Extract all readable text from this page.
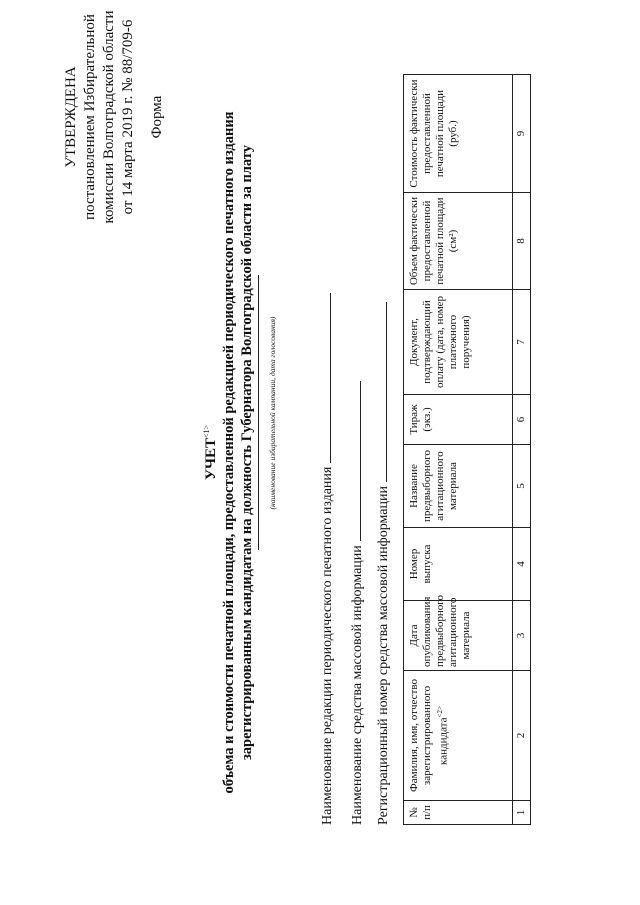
УТВЕРЖДЕНА постановлением Избирательной комиссии Волгоградской области от 14 марта 2019 г. № 88/709-6 Форма
$УЧЕТ^{<1>}$ объема и стоимости печатной площади, предоставленной редакцией периодического печатного издания зарегистрированным кандидатам на должность Губернатора Волгоградской области за плату (наименование избирательной кампании, дата голосования)
Наименование редакции периодического печатного издания Наименование средства массовой информации Регистрационный номер средства массовой информации № п/п	Фамилия, имя, отчество зарегистрированного кандидата$^{<2>}$	Дата опубликования предвыборного агитационного материала	Номер выпуска	Название предвыборного агитационного материала	Тираж (экз.)	Документ, подтверждающий оплату (дата, номер платежного поручения)	Объем фактически предоставленной печатной площади (см²)	Стоимость фактически предоставленной печатной площади (руб.)
1	2	3	4	5	6	7	8	9
